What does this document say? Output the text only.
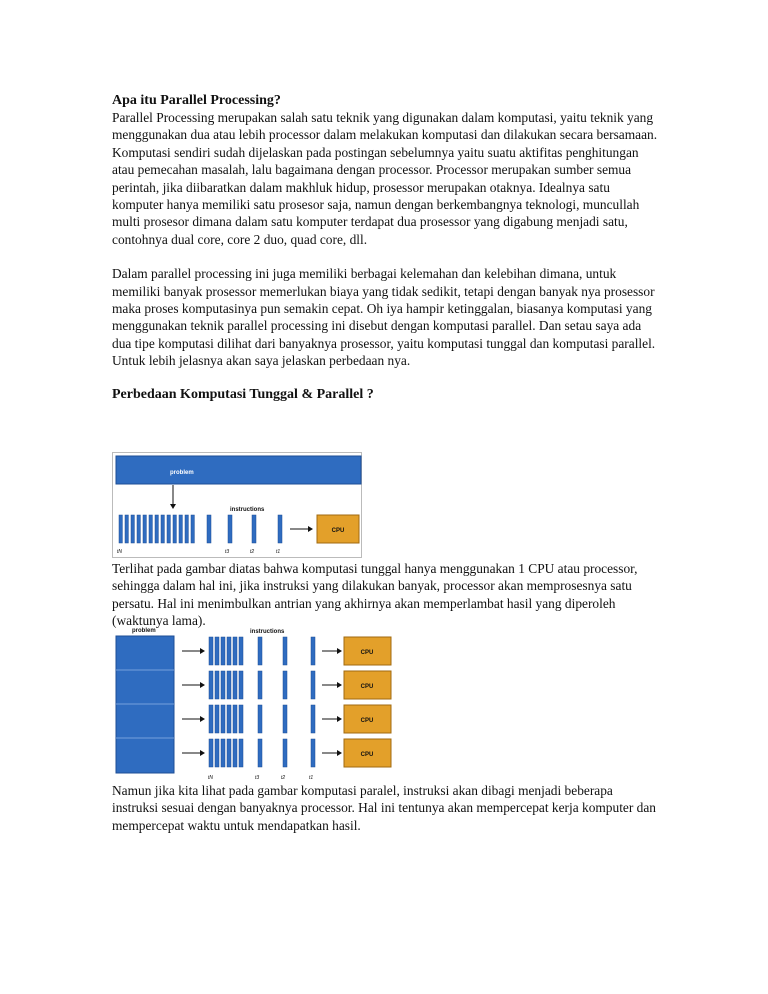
Apa itu Parallel Processing?

Parallel Processing merupakan salah satu teknik yang digunakan dalam komputasi, yaitu teknik yang menggunakan dua atau lebih processor dalam melakukan komputasi dan dilakukan secara bersamaan. Komputasi sendiri sudah dijelaskan pada postingan sebelumnya yaitu suatu aktifitas penghitungan atau pemecahan masalah, lalu bagaimana dengan processor. Processor merupakan sumber semua perintah, jika diibaratkan dalam makhluk hidup, prosessor merupakan otaknya. Idealnya satu komputer hanya memiliki satu prosesor saja, namun dengan berkembangnya teknologi, muncullah multi prosesor dimana dalam satu komputer terdapat dua prosessor yang digabung menjadi satu, contohnya dual core, core 2 duo, quad core, dll.

Dalam parallel processing ini juga memiliki berbagai kelemahan dan kelebihan dimana, untuk memiliki banyak prosessor memerlukan biaya yang tidak sedikit, tetapi dengan banyak nya prosessor maka proses komputasinya pun semakin cepat. Oh iya hampir ketinggalan, biasanya komputasi yang menggunakan teknik parallel processing ini disebut dengan komputasi parallel. Dan setau saya ada dua tipe komputasi dilihat dari banyaknya prosessor, yaitu komputasi tunggal dan komputasi parallel. Untuk lebih jelasnya akan saya jelaskan perbedaan nya.

Perbedaan Komputasi Tunggal & Parallel ?

problem
instructions
CPU
tN	t3	t2	t1

Terlihat pada gambar diatas bahwa komputasi tunggal hanya menggunakan 1 CPU atau processor, sehingga dalam hal ini, jika instruksi yang dilakukan banyak, processor akan memprosesnya satu persatu. Hal ini menimbulkan antrian yang akhirnya akan memperlambat hasil yang diperoleh (waktunya lama).

problem	instructions
CPU
CPU
CPU
CPU
tN	t3	t2	t1

Namun jika kita lihat pada gambar komputasi paralel, instruksi akan dibagi menjadi beberapa instruksi sesuai dengan banyaknya processor. Hal ini tentunya akan mempercepat kerja komputer dan mempercepat waktu untuk mendapatkan hasil.
